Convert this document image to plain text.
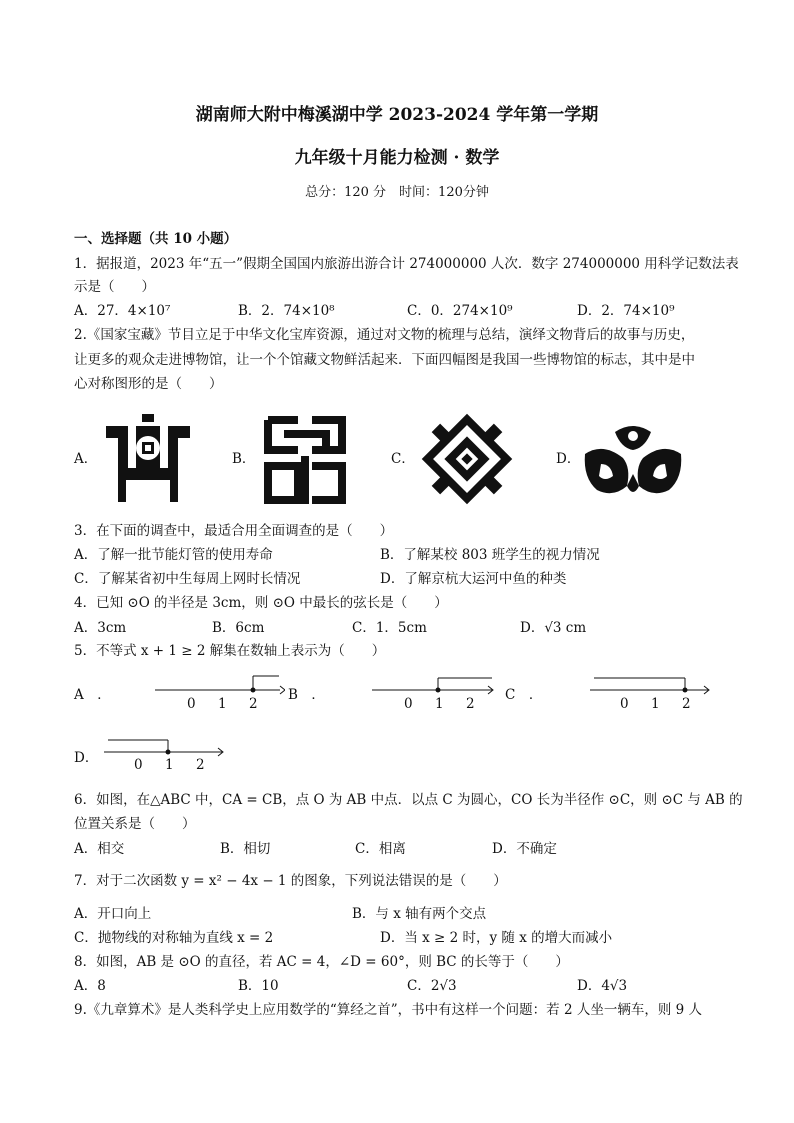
湖南师大附中梅溪湖中学 2023-2024 学年第一学期
九年级十月能力检测 · 数学
总分：120 分　时间：120分钟
一、选择题（共 10 小题）
1．据报道，2023 年“五一”假期全国国内旅游出游合计 274000000 人次．数字 274000000 用科学记数法表
示是（　　）
A．27．4×10⁷	B．2．74×10⁸	C．0．274×10⁹	D．2．74×10⁹
2.《国家宝藏》节目立足于中华文化宝库资源，通过对文物的梳理与总结，演绎文物背后的故事与历史，
让更多的观众走进博物馆，让一个个馆藏文物鲜活起来．下面四幅图是我国一些博物馆的标志，其中是中
心对称图形的是（　　）
A．	B．	C．	D．
3．在下面的调查中，最适合用全面调查的是（　　）
A．了解一批节能灯管的使用寿命	B．了解某校 803 班学生的视力情况
C．了解某省初中生每周上网时长情况	D．了解京杭大运河中鱼的种类
4．已知 ⊙O 的半径是 3cm，则 ⊙O 中最长的弦长是（　　）
A．3cm	B．6cm	C．1．5cm	D．√3 cm
5．不等式 x + 1 ≥ 2 解集在数轴上表示为（　　）
A　．
0 1 2
B　．
0 1 2
C　．
0 1 2
D．	0 1 2
6．如图，在△ABC 中，CA = CB，点 O 为 AB 中点．以点 C 为圆心，CO 长为半径作 ⊙C，则 ⊙C 与 AB 的
位置关系是（　　）
A．相交	B．相切	C．相离	D．不确定
7．对于二次函数 y = x² − 4x − 1 的图象，下列说法错误的是（　　）
A．开口向上	B．与 x 轴有两个交点
C．抛物线的对称轴为直线 x = 2	D．当 x ≥ 2 时，y 随 x 的增大而减小
8．如图，AB 是 ⊙O 的直径，若 AC = 4，∠D = 60°，则 BC 的长等于（　　）
A．8	B．10	C．2√3	D．4√3
9.《九章算术》是人类科学史上应用数学的“算经之首”，书中有这样一个问题：若 2 人坐一辆车，则 9 人
